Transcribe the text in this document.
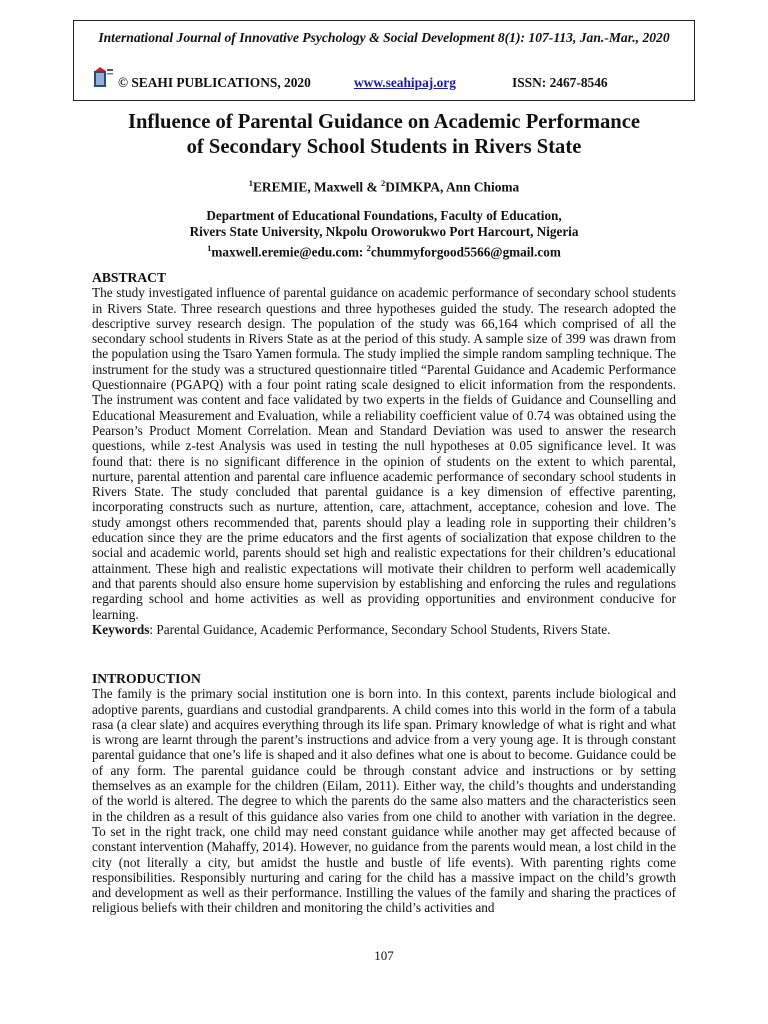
International Journal of Innovative Psychology & Social Development 8(1): 107-113, Jan.-Mar., 2020
© SEAHI PUBLICATIONS, 2020	www.seahipaj.org	ISSN: 2467-8546
Influence of Parental Guidance on Academic Performance
of Secondary School Students in Rivers State
$^1$EREMIE, Maxwell & $^2$DIMKPA, Ann Chioma
Department of Educational Foundations, Faculty of Education,
Rivers State University, Nkpolu Oroworukwo Port Harcourt, Nigeria
$^1$maxwell.eremie@edu.com: $^2$chummyforgood5566@gmail.com
ABSTRACT

The study investigated influence of parental guidance on academic performance of secondary school students in Rivers State. Three research questions and three hypotheses guided the study. The research adopted the descriptive survey research design. The population of the study was 66,164 which comprised of all the secondary school students in Rivers State as at the period of this study. A sample size of 399 was drawn from the population using the Tsaro Yamen formula. The study implied the simple random sampling technique. The instrument for the study was a structured questionnaire titled “Parental Guidance and Academic Performance Questionnaire (PGAPQ) with a four point rating scale designed to elicit information from the respondents. The instrument was content and face validated by two experts in the fields of Guidance and Counselling and Educational Measurement and Evaluation, while a reliability coefficient value of 0.74 was obtained using the Pearson’s Product Moment Correlation. Mean and Standard Deviation was used to answer the research questions, while z-test Analysis was used in testing the null hypotheses at 0.05 significance level. It was found that: there is no significant difference in the opinion of students on the extent to which parental, nurture, parental attention and parental care influence academic performance of secondary school students in Rivers State. The study concluded that parental guidance is a key dimension of effective parenting, incorporating constructs such as nurture, attention, care, attachment, acceptance, cohesion and love. The study amongst others recommended that, parents should play a leading role in supporting their children’s education since they are the prime educators and the first agents of socialization that expose children to the social and academic world, parents should set high and realistic expectations for their children’s educational attainment. These high and realistic expectations will motivate their children to perform well academically and that parents should also ensure home supervision by establishing and enforcing the rules and regulations regarding school and home activities as well as providing opportunities and environment conducive for learning.

Keywords: Parental Guidance, Academic Performance, Secondary School Students, Rivers State.

INTRODUCTION

The family is the primary social institution one is born into. In this context, parents include biological and adoptive parents, guardians and custodial grandparents. A child comes into this world in the form of a tabula rasa (a clear slate) and acquires everything through its life span. Primary knowledge of what is right and what is wrong are learnt through the parent’s instructions and advice from a very young age. It is through constant parental guidance that one’s life is shaped and it also defines what one is about to become. Guidance could be of any form. The parental guidance could be through constant advice and instructions or by setting themselves as an example for the children (Eilam, 2011). Either way, the child’s thoughts and understanding of the world is altered. The degree to which the parents do the same also matters and the characteristics seen in the children as a result of this guidance also varies from one child to another with variation in the degree. To set in the right track, one child may need constant guidance while another may get affected because of constant intervention (Mahaffy, 2014). However, no guidance from the parents would mean, a lost child in the city (not literally a city, but amidst the hustle and bustle of life events). With parenting rights come responsibilities. Responsibly nurturing and caring for the child has a massive impact on the child’s growth and development as well as their performance. Instilling the values of the family and sharing the practices of religious beliefs with their children and monitoring the child’s activities and

107
